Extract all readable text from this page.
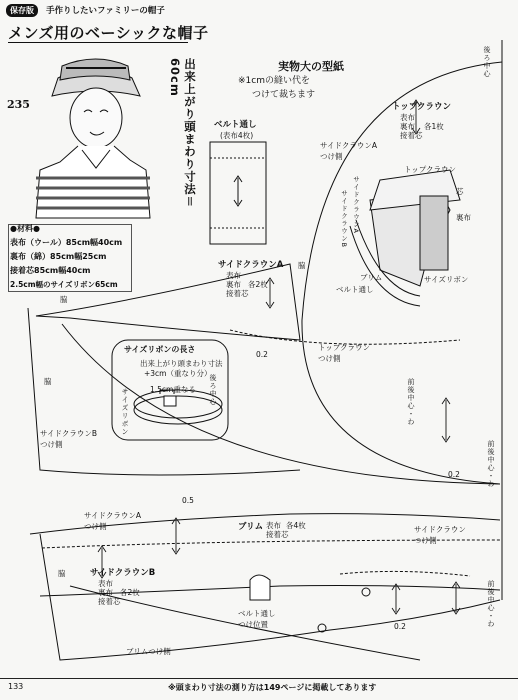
保存版	手作りしたいファミリーの帽子
メンズ用のベーシックな帽子
235	出来上がり頭まわり寸法＝60cm
●材料●
表布（ウール）85cm幅40cm
裏布（綿）85cm幅25cm
接着芯85cm幅40cm
2.5cm幅のサイズリボン65cm
実物大の型紙
※1cmの縫い代を
つけて裁ちます
ベルト通し
(表布4枚)
トップクラウン
表布
裏布
接着芯
各1枚
サイドクラウンA
表布
裏布
接着芯
各2枚
サイドクラウンB
表布
裏布
接着芯
各2枚
ブリム 表布
接着芯
各4枚
サイズリボンの長さ
出来上がり頭まわり寸法
+3cm（重なり分）
1.5cm重なる 後ろ中心
サイズリボン
トップクラウン
サイドクラウンA
サイドクラウンB
ブリム
ベルト通し
サイズリボン
芯
裏布
後ろ中心
前後中心・わ
前後中心・わ
前後中心・わ
サイドクラウンA
つけ側
トップクラウン
つけ側
サイドクラウンB
つけ側
サイドクラウンA
つけ側	サイドクラウン
つけ側
ブリムつけ側
ベルト通し
つけ位置
脇
脇
脇
脇
0.2
0.2
0.2
0.5
133	※頭まわり寸法の測り方は149ページに掲載してあります
